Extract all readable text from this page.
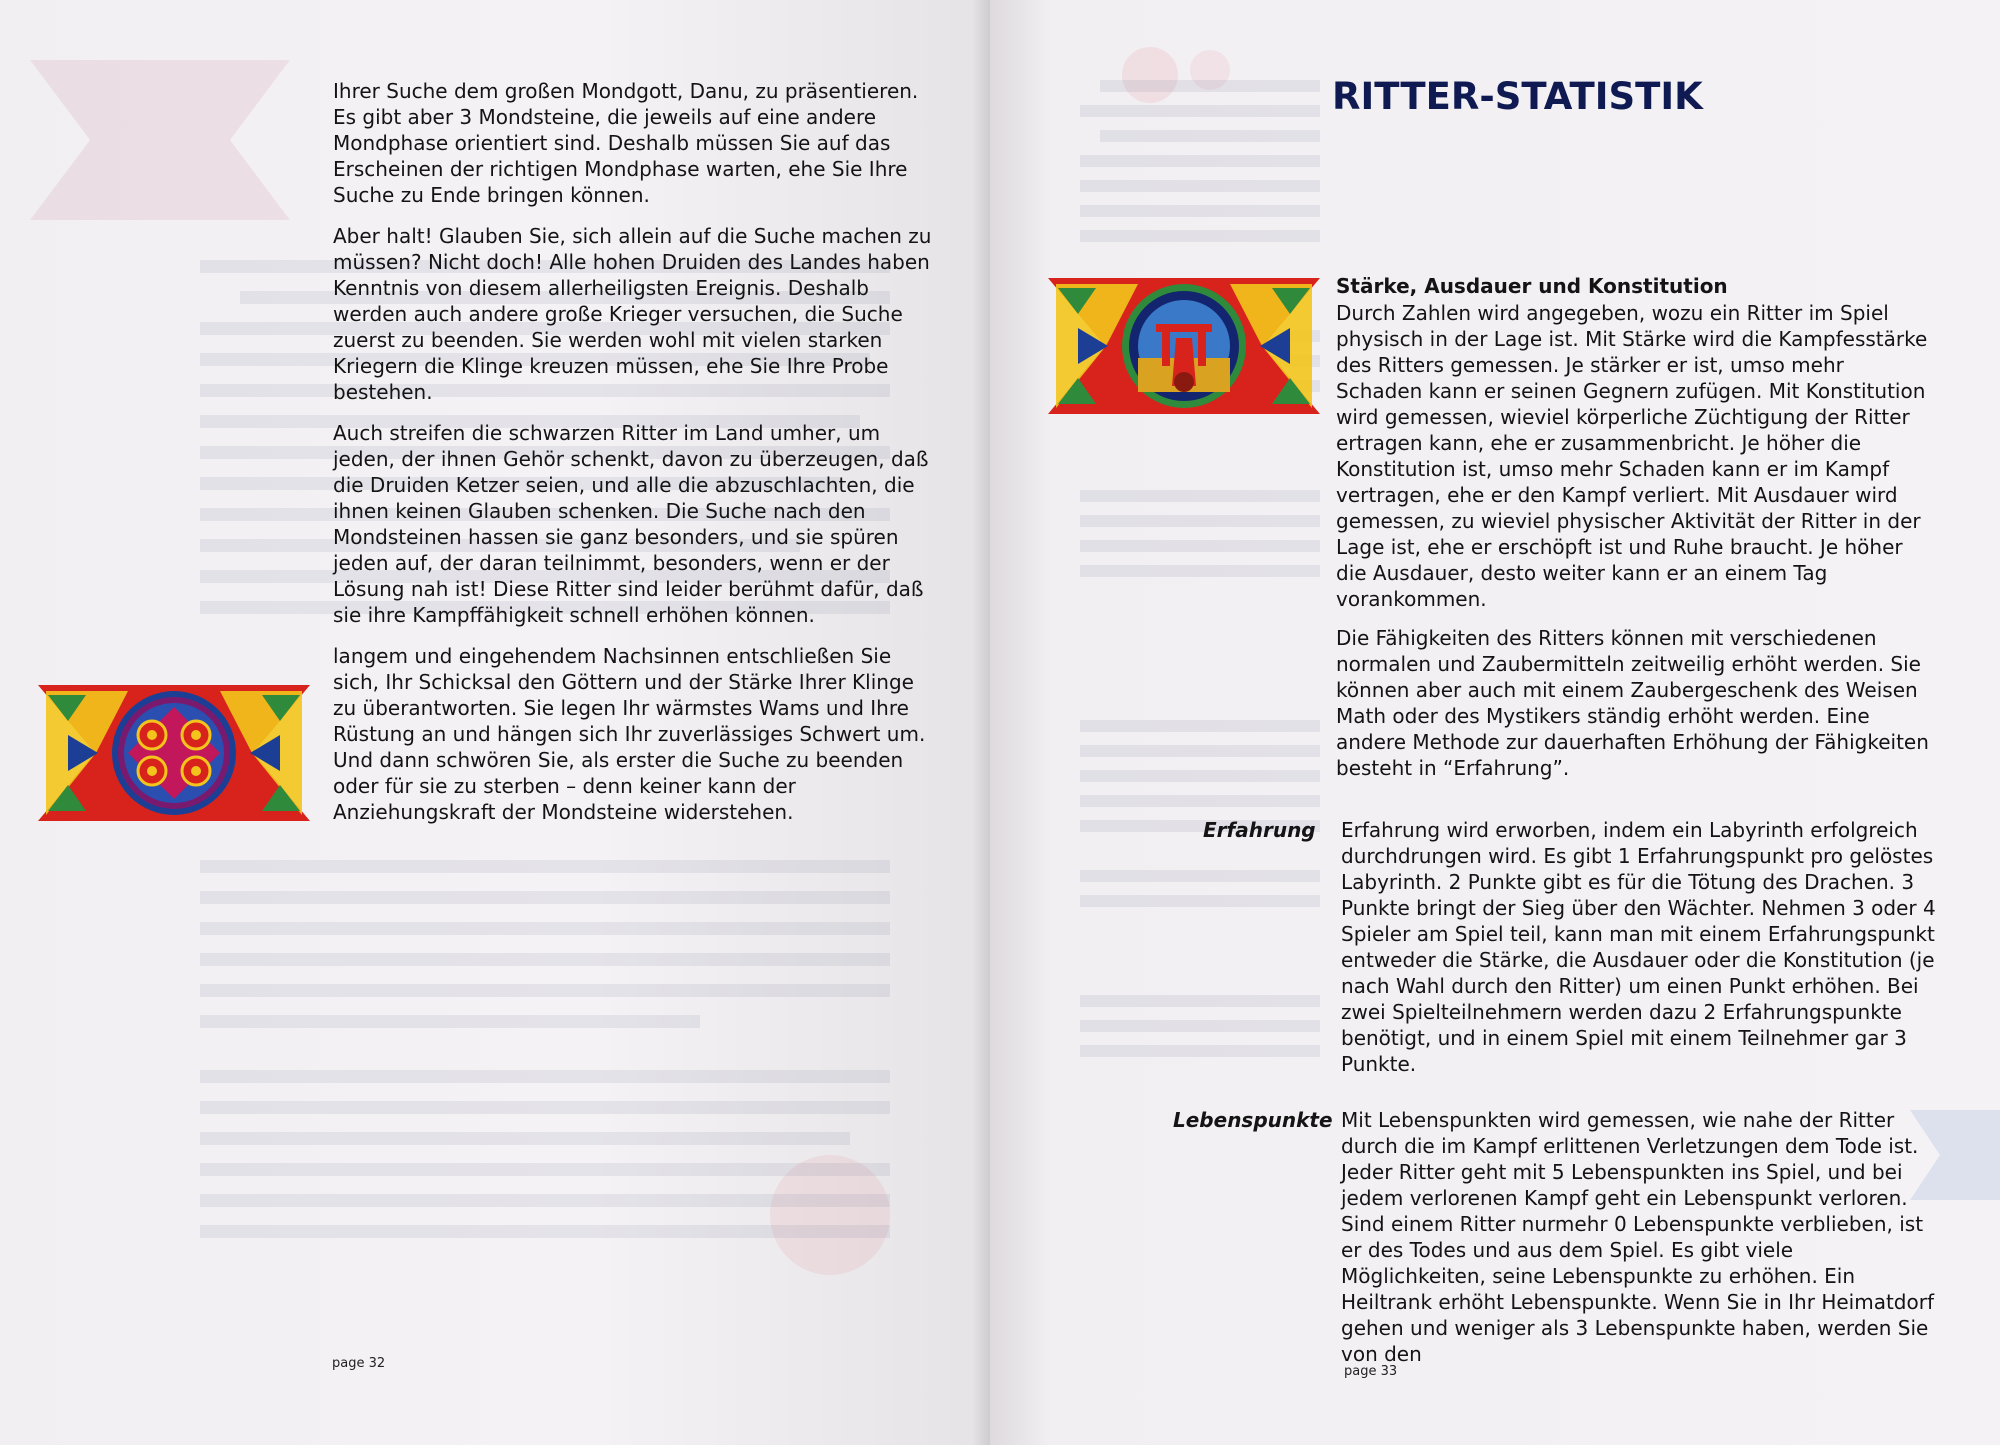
Ihrer Suche dem großen Mondgott, Danu, zu präsentieren. Es gibt aber 3 Mondsteine, die jeweils auf eine andere Mondphase orientiert sind. Deshalb müssen Sie auf das Erscheinen der richtigen Mondphase warten, ehe Sie Ihre Suche zu Ende bringen können.

Aber halt! Glauben Sie, sich allein auf die Suche machen zu müssen? Nicht doch! Alle hohen Druiden des Landes haben Kenntnis von diesem allerheiligsten Ereignis. Deshalb werden auch andere große Krieger versuchen, die Suche zuerst zu beenden. Sie werden wohl mit vielen starken Kriegern die Klinge kreuzen müssen, ehe Sie Ihre Probe bestehen.

Auch streifen die schwarzen Ritter im Land umher, um jeden, der ihnen Gehör schenkt, davon zu überzeugen, daß die Druiden Ketzer seien, und alle die abzuschlachten, die ihnen keinen Glauben schenken. Die Suche nach den Mondsteinen hassen sie ganz besonders, und sie spüren jeden auf, der daran teilnimmt, besonders, wenn er der Lösung nah ist! Diese Ritter sind leider berühmt dafür, daß sie ihre Kampffähigkeit schnell erhöhen können.

langem und eingehendem Nachsinnen entschließen Sie sich, Ihr Schicksal den Göttern und der Stärke Ihrer Klinge zu überantworten. Sie legen Ihr wärmstes Wams und Ihre Rüstung an und hängen sich Ihr zuverlässiges Schwert um. Und dann schwören Sie, als erster die Suche zu beenden oder für sie zu sterben – denn keiner kann der Anziehungskraft der Mondsteine widerstehen.

page 32
RITTER-STATISTIK
Stärke, Ausdauer und Konstitution

Durch Zahlen wird angegeben, wozu ein Ritter im Spiel physisch in der Lage ist. Mit Stärke wird die Kampfesstärke des Ritters gemessen. Je stärker er ist, umso mehr Schaden kann er seinen Gegnern zufügen. Mit Konstitution wird gemessen, wieviel körperliche Züchtigung der Ritter ertragen kann, ehe er zusammenbricht. Je höher die Konstitution ist, umso mehr Schaden kann er im Kampf vertragen, ehe er den Kampf verliert. Mit Ausdauer wird gemessen, zu wieviel physischer Aktivität der Ritter in der Lage ist, ehe er erschöpft ist und Ruhe braucht. Je höher die Ausdauer, desto weiter kann er an einem Tag vorankommen.

Die Fähigkeiten des Ritters können mit verschiedenen normalen und Zaubermitteln zeitweilig erhöht werden. Sie können aber auch mit einem Zaubergeschenk des Weisen Math oder des Mystikers ständig erhöht werden. Eine andere Methode zur dauerhaften Erhöhung der Fähigkeiten besteht in “Erfahrung”.

Erfahrung Erfahrung wird erworben, indem ein Labyrinth erfolgreich durchdrungen wird. Es gibt 1 Erfahrungspunkt pro gelöstes Labyrinth. 2 Punkte gibt es für die Tötung des Drachen. 3 Punkte bringt der Sieg über den Wächter. Nehmen 3 oder 4 Spieler am Spiel teil, kann man mit einem Erfahrungspunkt entweder die Stärke, die Ausdauer oder die Konstitution (je nach Wahl durch den Ritter) um einen Punkt erhöhen. Bei zwei Spielteilnehmern werden dazu 2 Erfahrungspunkte benötigt, und in einem Spiel mit einem Teilnehmer gar 3 Punkte.
Lebenspunkte Mit Lebenspunkten wird gemessen, wie nahe der Ritter durch die im Kampf erlittenen Verletzungen dem Tode ist. Jeder Ritter geht mit 5 Lebenspunkten ins Spiel, und bei jedem verlorenen Kampf geht ein Lebenspunkt verloren. Sind einem Ritter nurmehr 0 Lebenspunkte verblieben, ist er des Todes und aus dem Spiel. Es gibt viele Möglichkeiten, seine Lebenspunkte zu erhöhen. Ein Heiltrank erhöht Lebenspunkte. Wenn Sie in Ihr Heimatdorf gehen und weniger als 3 Lebenspunkte haben, werden Sie von den
page 33
